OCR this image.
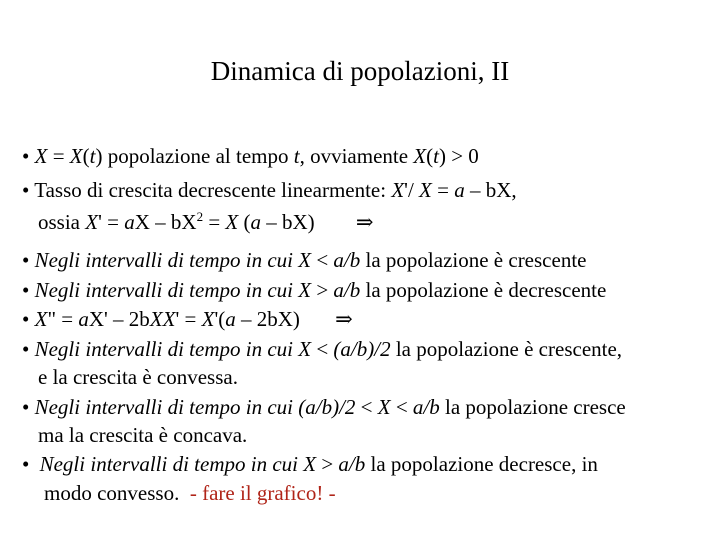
Dinamica di popolazioni, II
• X = X(t) popolazione al tempo t, ovviamente X(t) > 0
• Tasso di crescita decrescente linearmente: X'/ X = a – bX,
ossia X' = aX – $bX^2 = X$ (a – bX) ⇒
• Negli intervalli di tempo in cui X < a/b la popolazione è crescente
• Negli intervalli di tempo in cui X > a/b la popolazione è decrescente
• X" = aX' – 2bXX' = X'(a – 2bX) ⇒
• Negli intervalli di tempo in cui X < (a/b)/2 la popolazione è crescente,
e la crescita è convessa.
• Negli intervalli di tempo in cui (a/b)/2 < X < a/b la popolazione cresce
ma la crescita è concava.
• Negli intervalli di tempo in cui X > a/b la popolazione decresce, in
modo convesso.  - fare il grafico! -
